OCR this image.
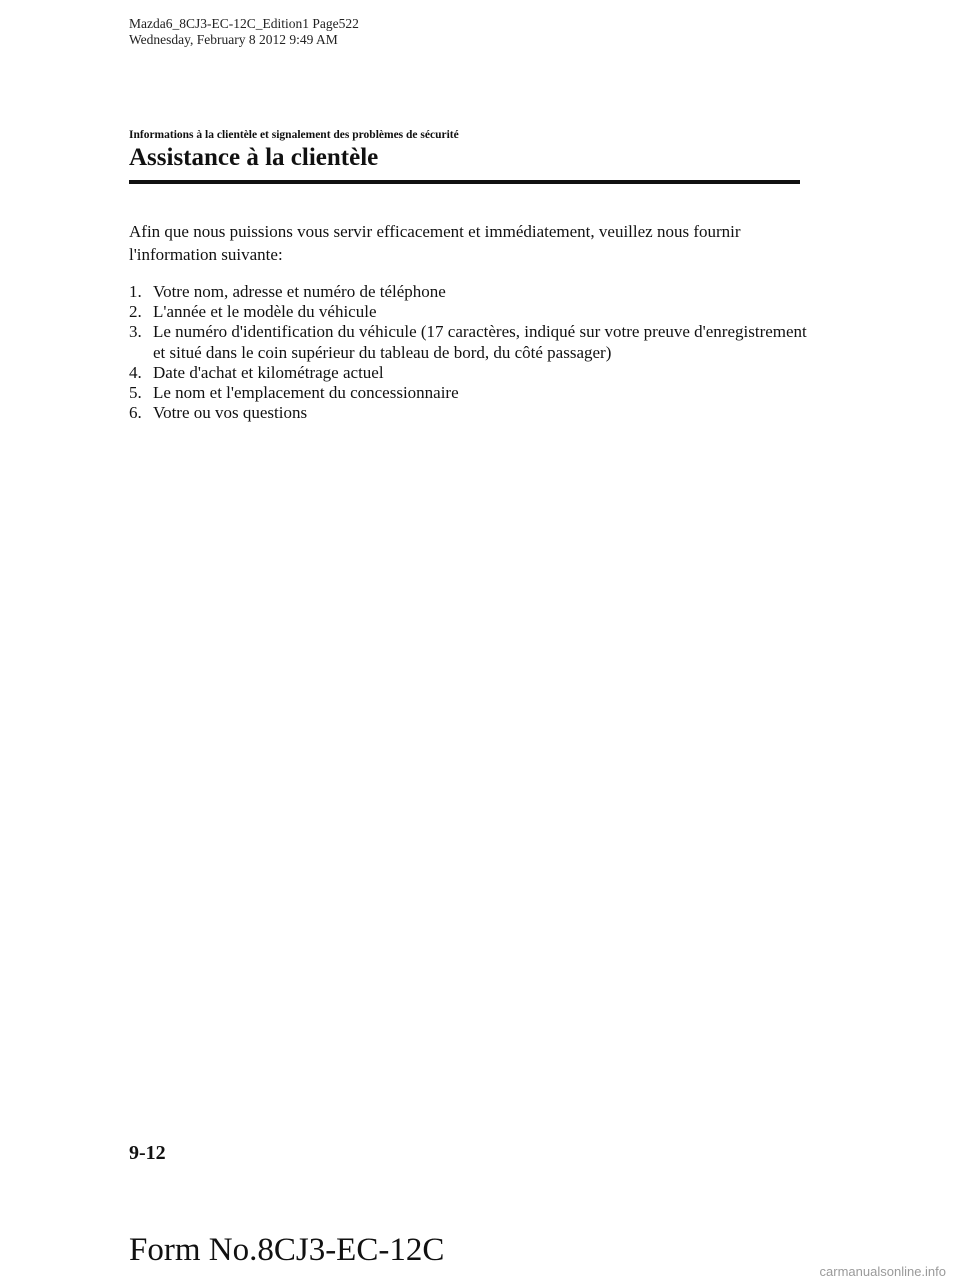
Mazda6_8CJ3-EC-12C_Edition1 Page522
Wednesday, February 8 2012 9:49 AM
Informations à la clientèle et signalement des problèmes de sécurité
Assistance à la clientèle

Afin que nous puissions vous servir efficacement et immédiatement, veuillez nous fournir l'information suivante:

1. Votre nom, adresse et numéro de téléphone
2. L'année et le modèle du véhicule
3. Le numéro d'identification du véhicule (17 caractères, indiqué sur votre preuve d'enregistrement et situé dans le coin supérieur du tableau de bord, du côté passager)
4. Date d'achat et kilométrage actuel
5. Le nom et l'emplacement du concessionnaire
6. Votre ou vos questions
9-12
Form No.8CJ3-EC-12C
carmanualsonline.info
